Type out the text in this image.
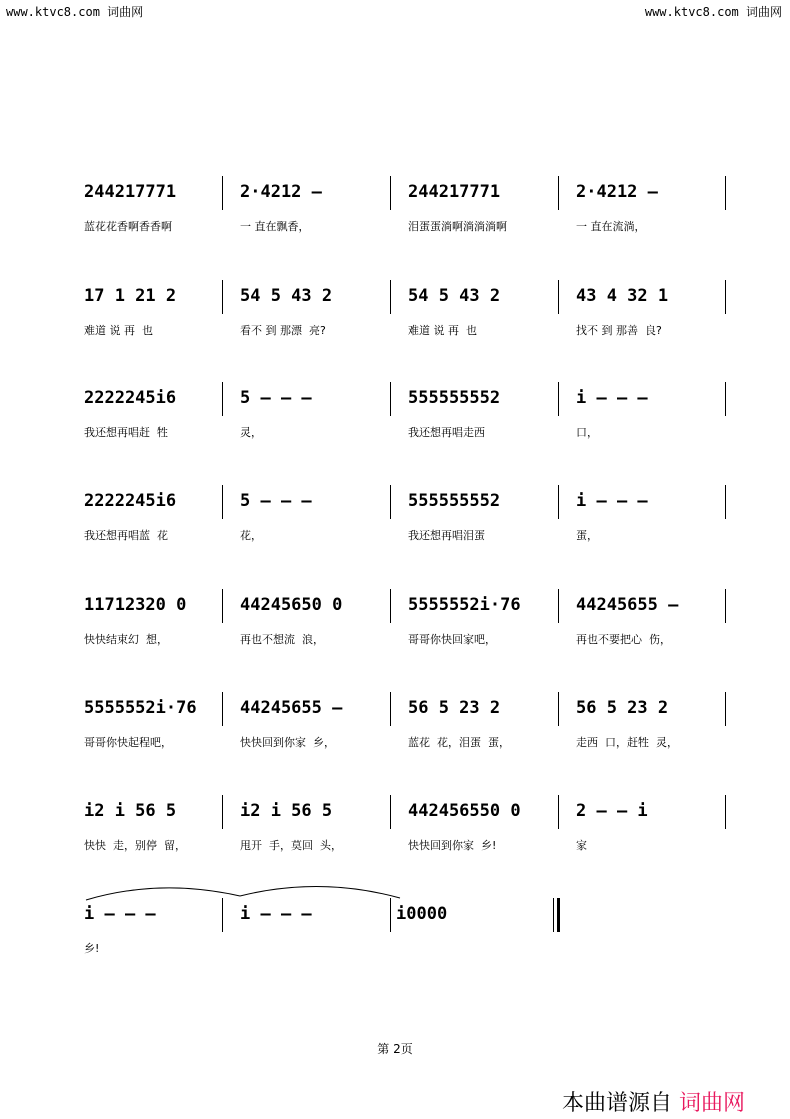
www.ktvc8.com 词曲网	www.ktvc8.com 词曲网
244217771
蓝花花香啊香香啊
2·4212 –
一 直在飘香，
244217771
泪蛋蛋淌啊淌淌淌啊
2·4212 –
一 直在流淌，
17 1 21 2
难道 说 再  也
54 5 43 2
看不 到 那漂  亮?
54 5 43 2
难道 说 再  也
43 4 32 1
找不 到 那善  良?
2222245i6
我还想再唱赶  牲
5 – – –
灵，
555555552
我还想再唱走西
i – – –
口，
2222245i6
我还想再唱蓝  花
5 – – –
花，
555555552
我还想再唱泪蛋
i – – –
蛋，
11712320 0
快快结束幻  想，
44245650 0
再也不想流  浪，
5555552i·76
哥哥你快回家吧，
44245655 –
再也不要把心  伤，
5555552i·76
哥哥你快起程吧，
44245655 –
快快回到你家  乡，
56 5 23 2
蓝花  花，泪蛋  蛋，
56 5 23 2
走西  口，赶牲  灵，
i2 i 56 5
快快  走，别停  留，
i2 i 56 5
甩开  手，莫回  头，
442456550 0
快快回到你家  乡!
2 – – i
家
i – – –
乡!
i – – –	i0000
第 2页
本曲谱源自 词曲网
